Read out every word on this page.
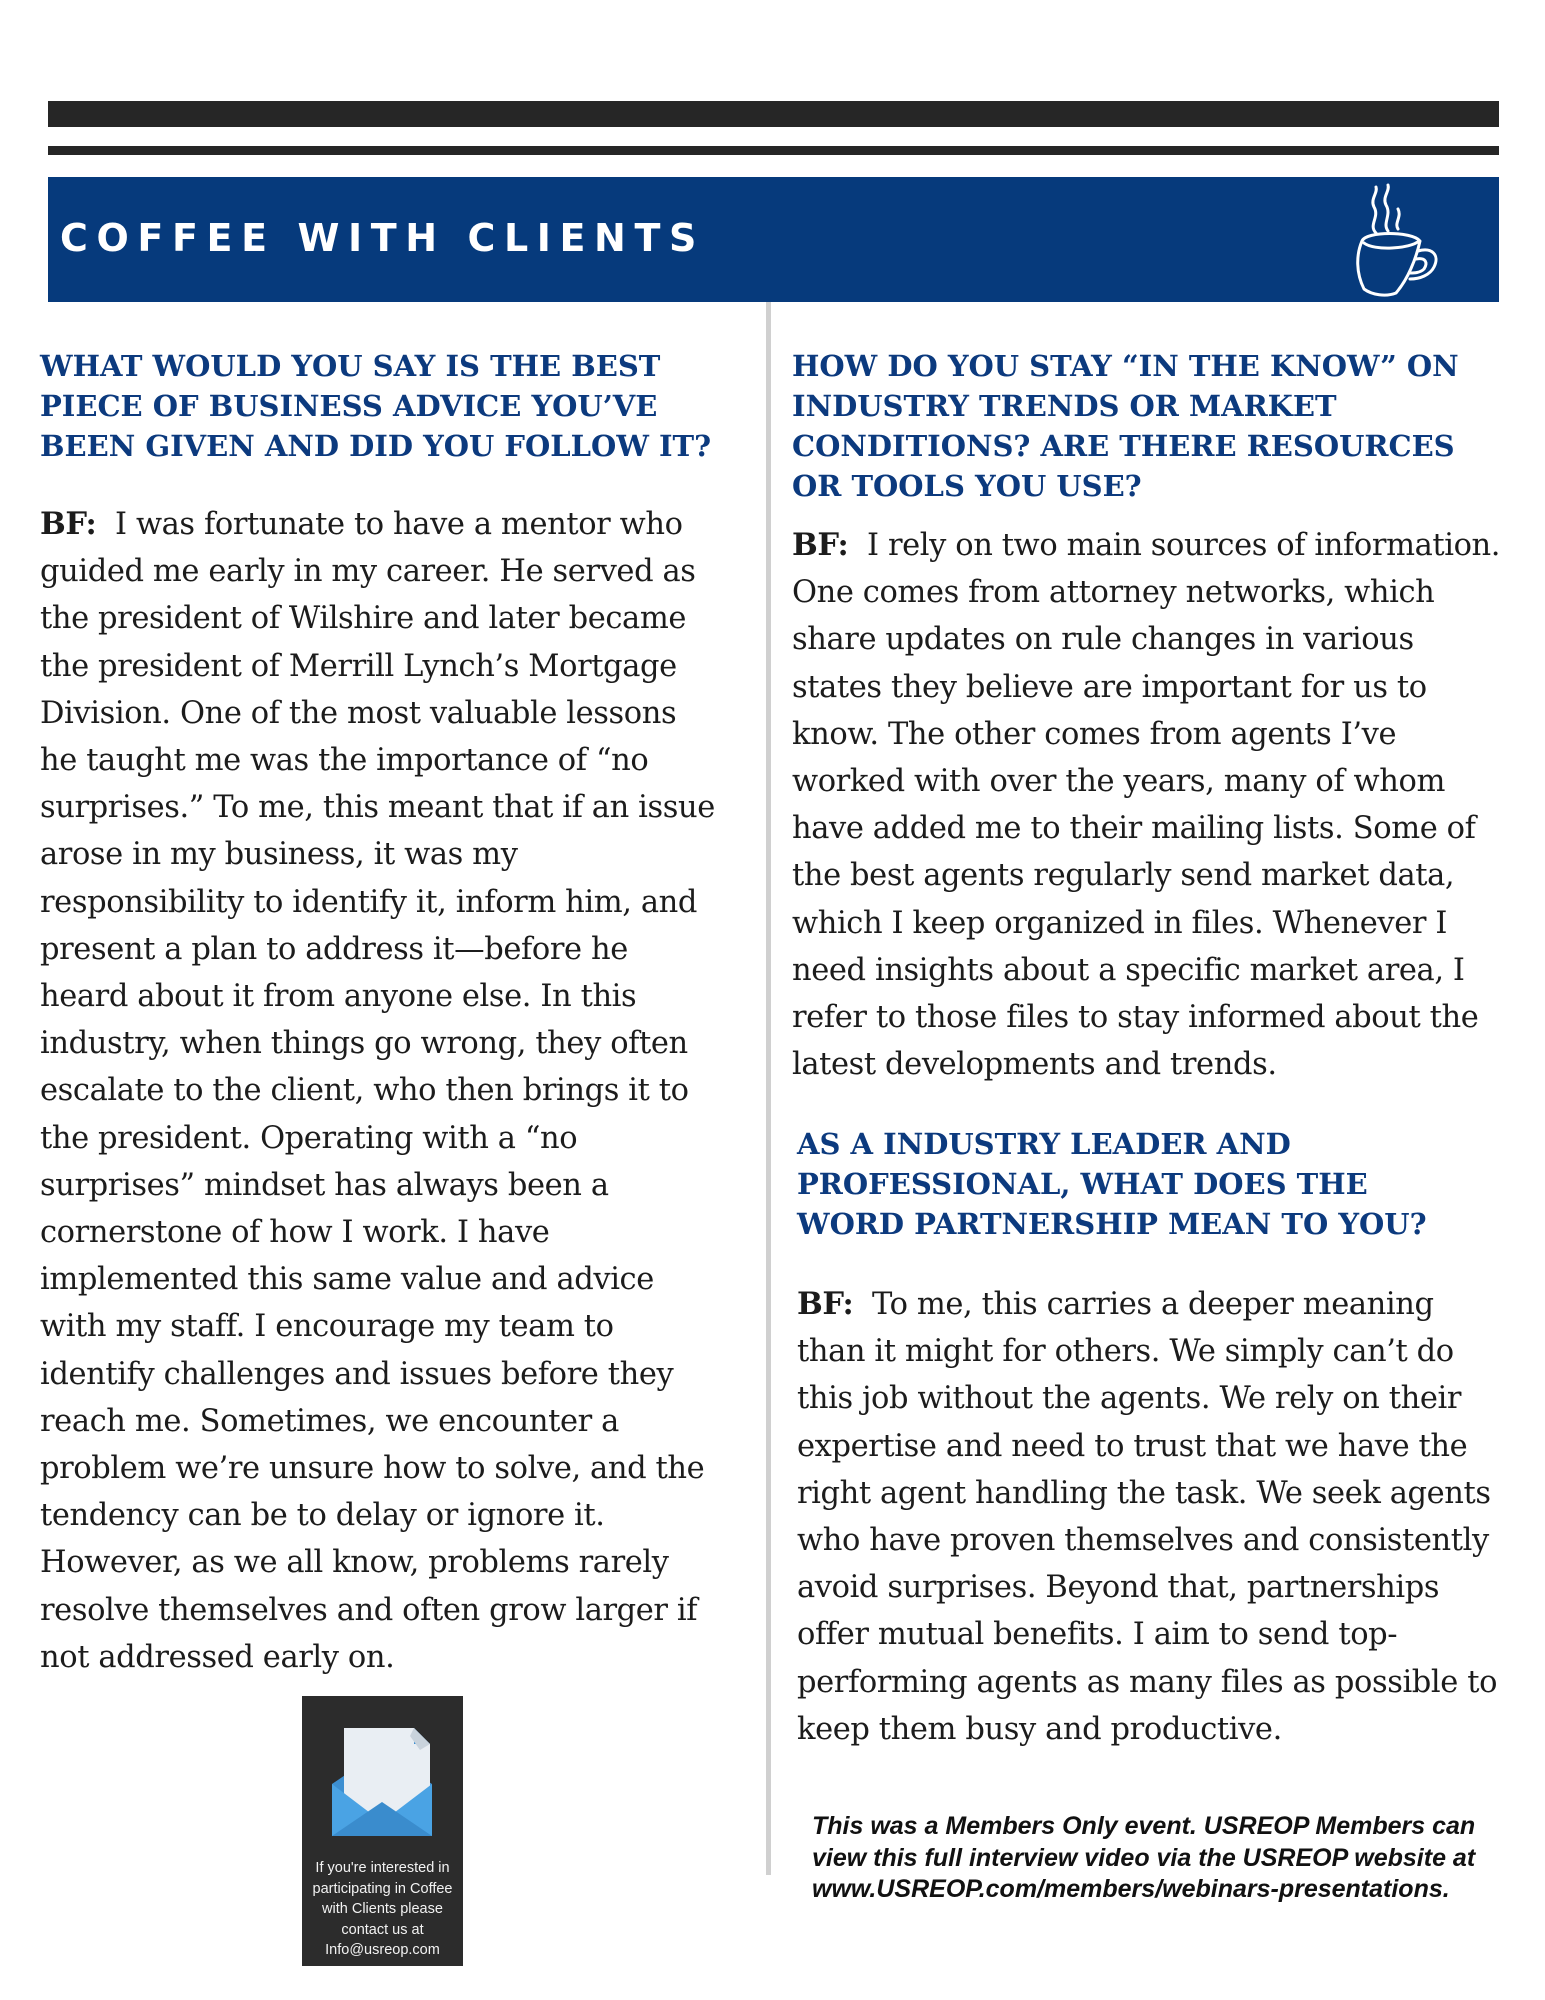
COFFEE WITH CLIENTS

WHAT WOULD YOU SAY IS THE BEST PIECE OF BUSINESS ADVICE YOU’VE BEEN GIVEN AND DID YOU FOLLOW IT?

BF: I was fortunate to have a mentor who guided me early in my career. He served as the president of Wilshire and later became the president of Merrill Lynch’s Mortgage Division. One of the most valuable lessons he taught me was the importance of “no surprises.” To me, this meant that if an issue arose in my business, it was my responsibility to identify it, inform him, and present a plan to address it—before he heard about it from anyone else. In this industry, when things go wrong, they often escalate to the client, who then brings it to the president. Operating with a “no surprises” mindset has always been a cornerstone of how I work. I have implemented this same value and advice with my staff. I encourage my team to identify challenges and issues before they reach me. Sometimes, we encounter a problem we’re unsure how to solve, and the tendency can be to delay or ignore it. However, as we all know, problems rarely resolve themselves and often grow larger if not addressed early on.

HOW DO YOU STAY “IN THE KNOW” ON INDUSTRY TRENDS OR MARKET CONDITIONS? ARE THERE RESOURCES OR TOOLS YOU USE?

BF: I rely on two main sources of information. One comes from attorney networks, which share updates on rule changes in various states they believe are important for us to know. The other comes from agents I’ve worked with over the years, many of whom have added me to their mailing lists. Some of the best agents regularly send market data, which I keep organized in files. Whenever I need insights about a specific market area, I refer to those files to stay informed about the latest developments and trends.

AS A INDUSTRY LEADER AND PROFESSIONAL, WHAT DOES THE WORD PARTNERSHIP MEAN TO YOU?

BF: To me, this carries a deeper meaning than it might for others. We simply can’t do this job without the agents. We rely on their expertise and need to trust that we have the right agent handling the task. We seek agents who have proven themselves and consistently avoid surprises. Beyond that, partnerships offer mutual benefits. I aim to send top-performing agents as many files as possible to keep them busy and productive.

If you're interested in participating in Coffee with Clients please contact us at Info@usreop.com
This was a Members Only event. USREOP Members can view this full interview video via the USREOP website at www.USREOP.com/members/webinars-presentations.
